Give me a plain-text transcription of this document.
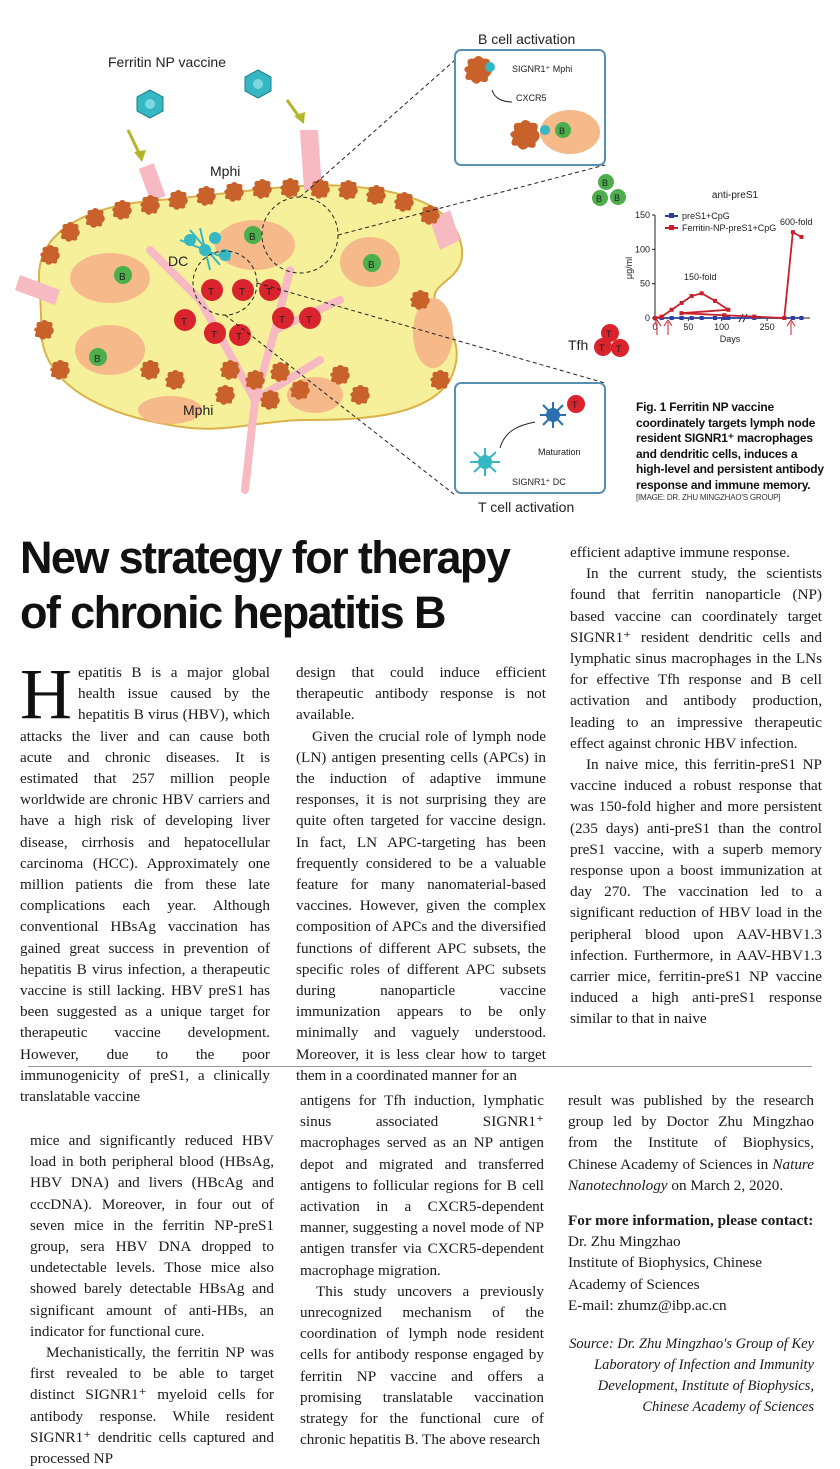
DC
Mphi
Mphi
B
B
B
B
T T T
T	T T
T T
Ferritin NP vaccine
B cell activation
SIGNR1⁺ Mphi
CXCR5
B
B
B B
Tfh
T
T T
T
Maturation
SIGNR1⁺ DC
T cell activation
anti-preS1
0
50
100
150
0	50 100	250
Days
μg/ml	150-fold
600-fold
preS1+CpG
Ferritin-NP-preS1+CpG
Fig. 1 Ferritin NP vaccine coordinately targets lymph node resident SIGNR1⁺ macrophages and dendritic cells, induces a high-level and persistent antibody response and immune memory.
[IMAGE: DR. ZHU MINGZHAO'S GROUP]
New strategy for therapy of chronic hepatitis B

Hepatitis B is a major global health issue caused by the hepatitis B virus (HBV), which attacks the liver and can cause both acute and chronic diseases. It is estimated that 257 million people worldwide are chronic HBV carriers and have a high risk of developing liver disease, cirrhosis and hepatocellular carcinoma (HCC). Approximately one million patients die from these late complications each year. Although conventional HBsAg vaccination has gained great success in prevention of hepatitis B virus infection, a therapeutic vaccine is still lacking. HBV preS1 has been suggested as a unique target for therapeutic vaccine development. However, due to the poor immunogenicity of preS1, a clinically translatable vaccine

design that could induce efficient therapeutic antibody response is not available.

Given the crucial role of lymph node (LN) antigen presenting cells (APCs) in the induction of adaptive immune responses, it is not surprising they are quite often targeted for vaccine design. In fact, LN APC-targeting has been frequently considered to be a valuable feature for many nanomaterial-based vaccines. However, given the complex composition of APCs and the diversified functions of different APC subsets, the specific roles of different APC subsets during nanoparticle vaccine immunization appears to be only minimally and vaguely understood. Moreover, it is less clear how to target them in a coordinated manner for an

efficient adaptive immune response.

In the current study, the scientists found that ferritin nanoparticle (NP) based vaccine can coordinately target SIGNR1⁺ resident dendritic cells and lymphatic sinus macrophages in the LNs for effective Tfh response and B cell activation and antibody production, leading to an impressive therapeutic effect against chronic HBV infection.

In naive mice, this ferritin-preS1 NP vaccine induced a robust response that was 150-fold higher and more persistent (235 days) anti-preS1 than the control preS1 vaccine, with a superb memory response upon a boost immunization at day 270. The vaccination led to a significant reduction of HBV load in the peripheral blood upon AAV-HBV1.3 infection. Furthermore, in AAV-HBV1.3 carrier mice, ferritin-preS1 NP vaccine induced a high anti-preS1 response similar to that in naive

mice and significantly reduced HBV load in both peripheral blood (HBsAg, HBV DNA) and livers (HBcAg and cccDNA). Moreover, in four out of seven mice in the ferritin NP-preS1 group, sera HBV DNA dropped to undetectable levels. Those mice also showed barely detectable HBsAg and significant amount of anti-HBs, an indicator for functional cure.

Mechanistically, the ferritin NP was first revealed to be able to target distinct SIGNR1⁺ myeloid cells for antibody response. While resident SIGNR1⁺ dendritic cells captured and processed NP

antigens for Tfh induction, lymphatic sinus associated SIGNR1⁺ macrophages served as an NP antigen depot and migrated and transferred antigens to follicular regions for B cell activation in a CXCR5-dependent manner, suggesting a novel mode of NP antigen transfer via CXCR5-dependent macrophage migration.

This study uncovers a previously unrecognized mechanism of the coordination of lymph node resident cells for antibody response engaged by ferritin NP vaccine and offers a promising translatable vaccination strategy for the functional cure of chronic hepatitis B. The above research

result was published by the research group led by Doctor Zhu Mingzhao from the Institute of Biophysics, Chinese Academy of Sciences in Nature Nanotechnology on March 2, 2020.

For more information, please contact:

Dr. Zhu Mingzhao

Institute of Biophysics, Chinese Academy of Sciences

E-mail: zhumz@ibp.ac.cn

Source: Dr. Zhu Mingzhao's Group of Key Laboratory of Infection and Immunity Development, Institute of Biophysics, Chinese Academy of Sciences
